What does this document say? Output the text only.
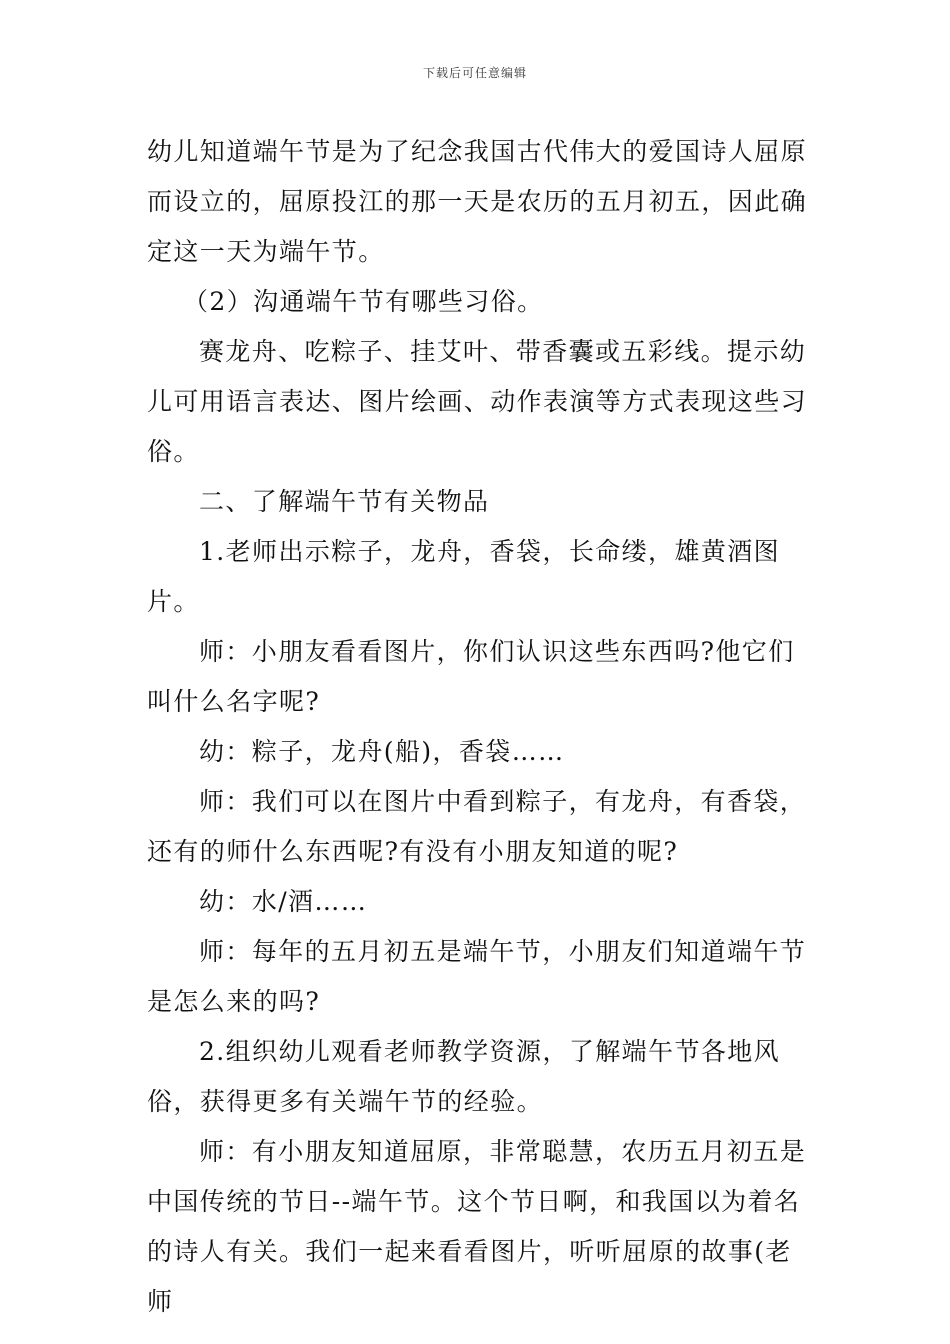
下载后可任意编辑

幼儿知道端午节是为了纪念我国古代伟大的爱国诗人屈原而设立的，屈原投江的那一天是农历的五月初五，因此确定这一天为端午节。

（2）沟通端午节有哪些习俗。

赛龙舟、吃粽子、挂艾叶、带香囊或五彩线。提示幼儿可用语言表达、图片绘画、动作表演等方式表现这些习俗。

二、了解端午节有关物品

1.老师出示粽子，龙舟，香袋，长命缕，雄黄酒图片。

师：小朋友看看图片，你们认识这些东西吗?他它们叫什么名字呢?

幼：粽子，龙舟(船)，香袋……

师：我们可以在图片中看到粽子，有龙舟，有香袋，还有的师什么东西呢?有没有小朋友知道的呢?

幼：水/酒……

师：每年的五月初五是端午节，小朋友们知道端午节是怎么来的吗?

2.组织幼儿观看老师教学资源，了解端午节各地风俗，获得更多有关端午节的经验。

师：有小朋友知道屈原，非常聪慧，农历五月初五是中国传统的节日--端午节。这个节日啊，和我国以为着名的诗人有关。我们一起来看看图片，听听屈原的故事(老师
